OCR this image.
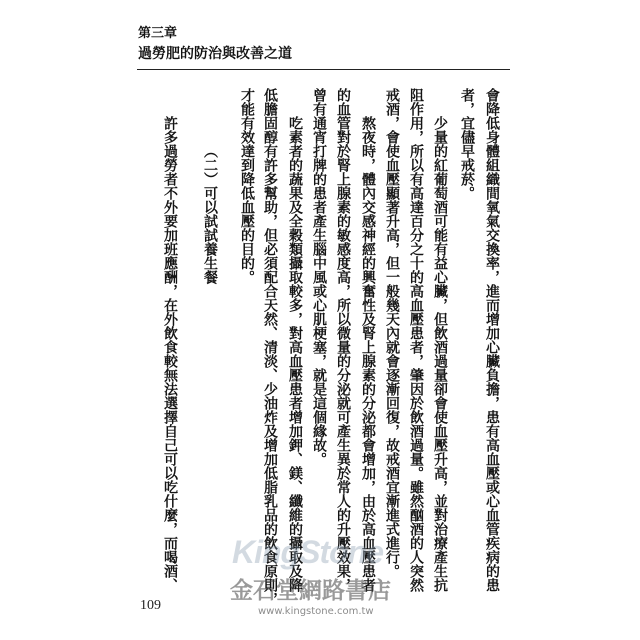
第三章
過勞肥的防治與改善之道
會降低身體組織間氧氣交換率，進而增加心臟負擔，患有高血壓或心血管疾病的患
者，宜儘早戒菸。
少量的紅葡萄酒可能有益心臟，但飲酒過量卻會使血壓升高，並對治療產生抗
阻作用，所以有高達百分之十的高血壓患者，肇因於飲酒過量。雖然酗酒的人突然
戒酒，會使血壓顯著升高，但一般幾天內就會逐漸回復，故戒酒宜漸進式進行。
熬夜時，體內交感神經的興奮性及腎上腺素的分泌都會增加，由於高血壓患者
的血管對於腎上腺素的敏感度高，所以微量的分泌就可產生異於常人的升壓效果，
曾有通宵打牌的患者產生腦中風或心肌梗塞，就是這個緣故。
吃素者的蔬果及全穀類攝取較多，對高血壓患者增加鉀、鎂、纖維的攝取及降
低膽固醇有許多幫助，但必須配合天然、清淡、少油炸及增加低脂乳品的飲食原則，
才能有效達到降低血壓的目的。
（二）可以試試養生餐
許多過勞者不外要加班應酬，在外飲食較無法選擇自己可以吃什麼，而喝酒、
109
KingStone
金石堂網路書店
www.kingstone.com.tw
